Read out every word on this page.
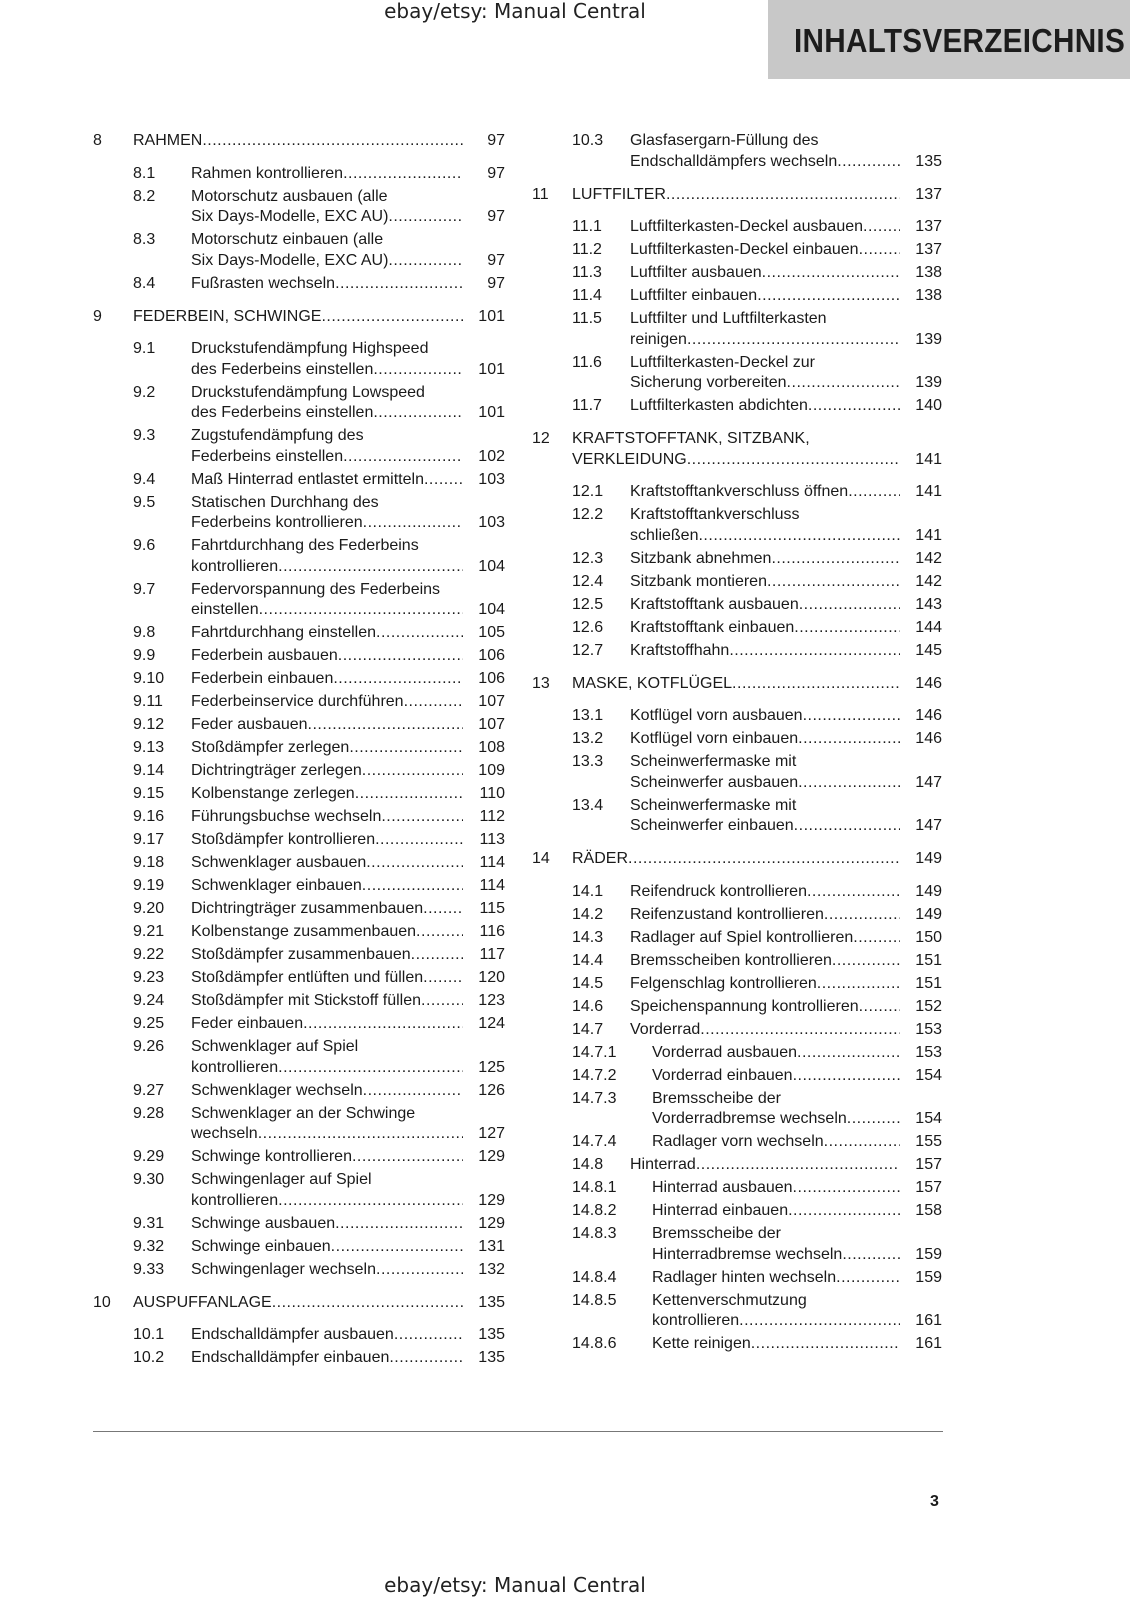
ebay/etsy: Manual Central
INHALTSVERZEICHNIS
8	RAHMEN .....	97
8.1	Rahmen kontrollieren .....	97
8.2	Motorschutz ausbauen (alle
Six Days-Modelle, EXC AU) .....	97
8.3	Motorschutz einbauen (alle
Six Days-Modelle, EXC AU) .....	97
8.4	Fußrasten wechseln .....	97
9	FEDERBEIN, SCHWINGE .....	101
9.1	Druckstufendämpfung Highspeed
des Federbeins einstellen .....	101
9.2	Druckstufendämpfung Lowspeed
des Federbeins einstellen .....	101
9.3	Zugstufendämpfung des
Federbeins einstellen .....	102
9.4	Maß Hinterrad entlastet ermitteln .....	103
9.5	Statischen Durchhang des
Federbeins kontrollieren .....	103
9.6	Fahrtdurchhang des Federbeins
kontrollieren .....	104
9.7	Federvorspannung des Federbeins
einstellen .....	104
9.8	Fahrtdurchhang einstellen .....	105
9.9	Federbein ausbauen .....	106
9.10	Federbein einbauen .....	106
9.11	Federbeinservice durchführen .....	107
9.12	Feder ausbauen .....	107
9.13	Stoßdämpfer zerlegen .....	108
9.14	Dichtringträger zerlegen .....	109
9.15	Kolbenstange zerlegen .....	110
9.16	Führungsbuchse wechseln .....	112
9.17	Stoßdämpfer kontrollieren .....	113
9.18	Schwenklager ausbauen .....	114
9.19	Schwenklager einbauen .....	114
9.20	Dichtringträger zusammenbauen .....	115
9.21	Kolbenstange zusammenbauen .....	116
9.22	Stoßdämpfer zusammenbauen .....	117
9.23	Stoßdämpfer entlüften und füllen .....	120
9.24	Stoßdämpfer mit Stickstoff füllen .....	123
9.25	Feder einbauen .....	124
9.26	Schwenklager auf Spiel
kontrollieren .....	125
9.27	Schwenklager wechseln .....	126
9.28	Schwenklager an der Schwinge
wechseln .....	127
9.29	Schwinge kontrollieren .....	129
9.30	Schwingenlager auf Spiel
kontrollieren .....	129
9.31	Schwinge ausbauen .....	129
9.32	Schwinge einbauen .....	131
9.33	Schwingenlager wechseln .....	132
10	AUSPUFFANLAGE .....	135
10.1	Endschalldämpfer ausbauen .....	135
10.2	Endschalldämpfer einbauen .....	135
10.3	Glasfasergarn-Füllung des
Endschalldämpfers wechseln .....	135
11	LUFTFILTER .....	137
11.1	Luftfilterkasten-Deckel ausbauen .....	137
11.2	Luftfilterkasten-Deckel einbauen .....	137
11.3	Luftfilter ausbauen .....	138
11.4	Luftfilter einbauen .....	138
11.5	Luftfilter und Luftfilterkasten
reinigen .....	139
11.6	Luftfilterkasten-Deckel zur
Sicherung vorbereiten .....	139
11.7	Luftfilterkasten abdichten .....	140
12	KRAFTSTOFFTANK, SITZBANK,
VERKLEIDUNG .....	141
12.1	Kraftstofftankverschluss öffnen .....	141
12.2	Kraftstofftankverschluss
schließen .....	141
12.3	Sitzbank abnehmen .....	142
12.4	Sitzbank montieren .....	142
12.5	Kraftstofftank ausbauen .....	143
12.6	Kraftstofftank einbauen .....	144
12.7	Kraftstoffhahn .....	145
13	MASKE, KOTFLÜGEL .....	146
13.1	Kotflügel vorn ausbauen .....	146
13.2	Kotflügel vorn einbauen .....	146
13.3	Scheinwerfermaske mit
Scheinwerfer ausbauen .....	147
13.4	Scheinwerfermaske mit
Scheinwerfer einbauen .....	147
14	RÄDER .....	149
14.1	Reifendruck kontrollieren .....	149
14.2	Reifenzustand kontrollieren .....	149
14.3	Radlager auf Spiel kontrollieren .....	150
14.4	Bremsscheiben kontrollieren .....	151
14.5	Felgenschlag kontrollieren .....	151
14.6	Speichenspannung kontrollieren .....	152
14.7	Vorderrad .....	153
14.7.1	Vorderrad ausbauen .....	153
14.7.2	Vorderrad einbauen .....	154
14.7.3	Bremsscheibe der
Vorderradbremse wechseln .....	154
14.7.4	Radlager vorn wechseln .....	155
14.8	Hinterrad .....	157
14.8.1	Hinterrad ausbauen .....	157
14.8.2	Hinterrad einbauen .....	158
14.8.3	Bremsscheibe der
Hinterradbremse wechseln .....	159
14.8.4	Radlager hinten wechseln .....	159
14.8.5	Kettenverschmutzung
kontrollieren .....	161
14.8.6	Kette reinigen .....	161
3
ebay/etsy: Manual Central
